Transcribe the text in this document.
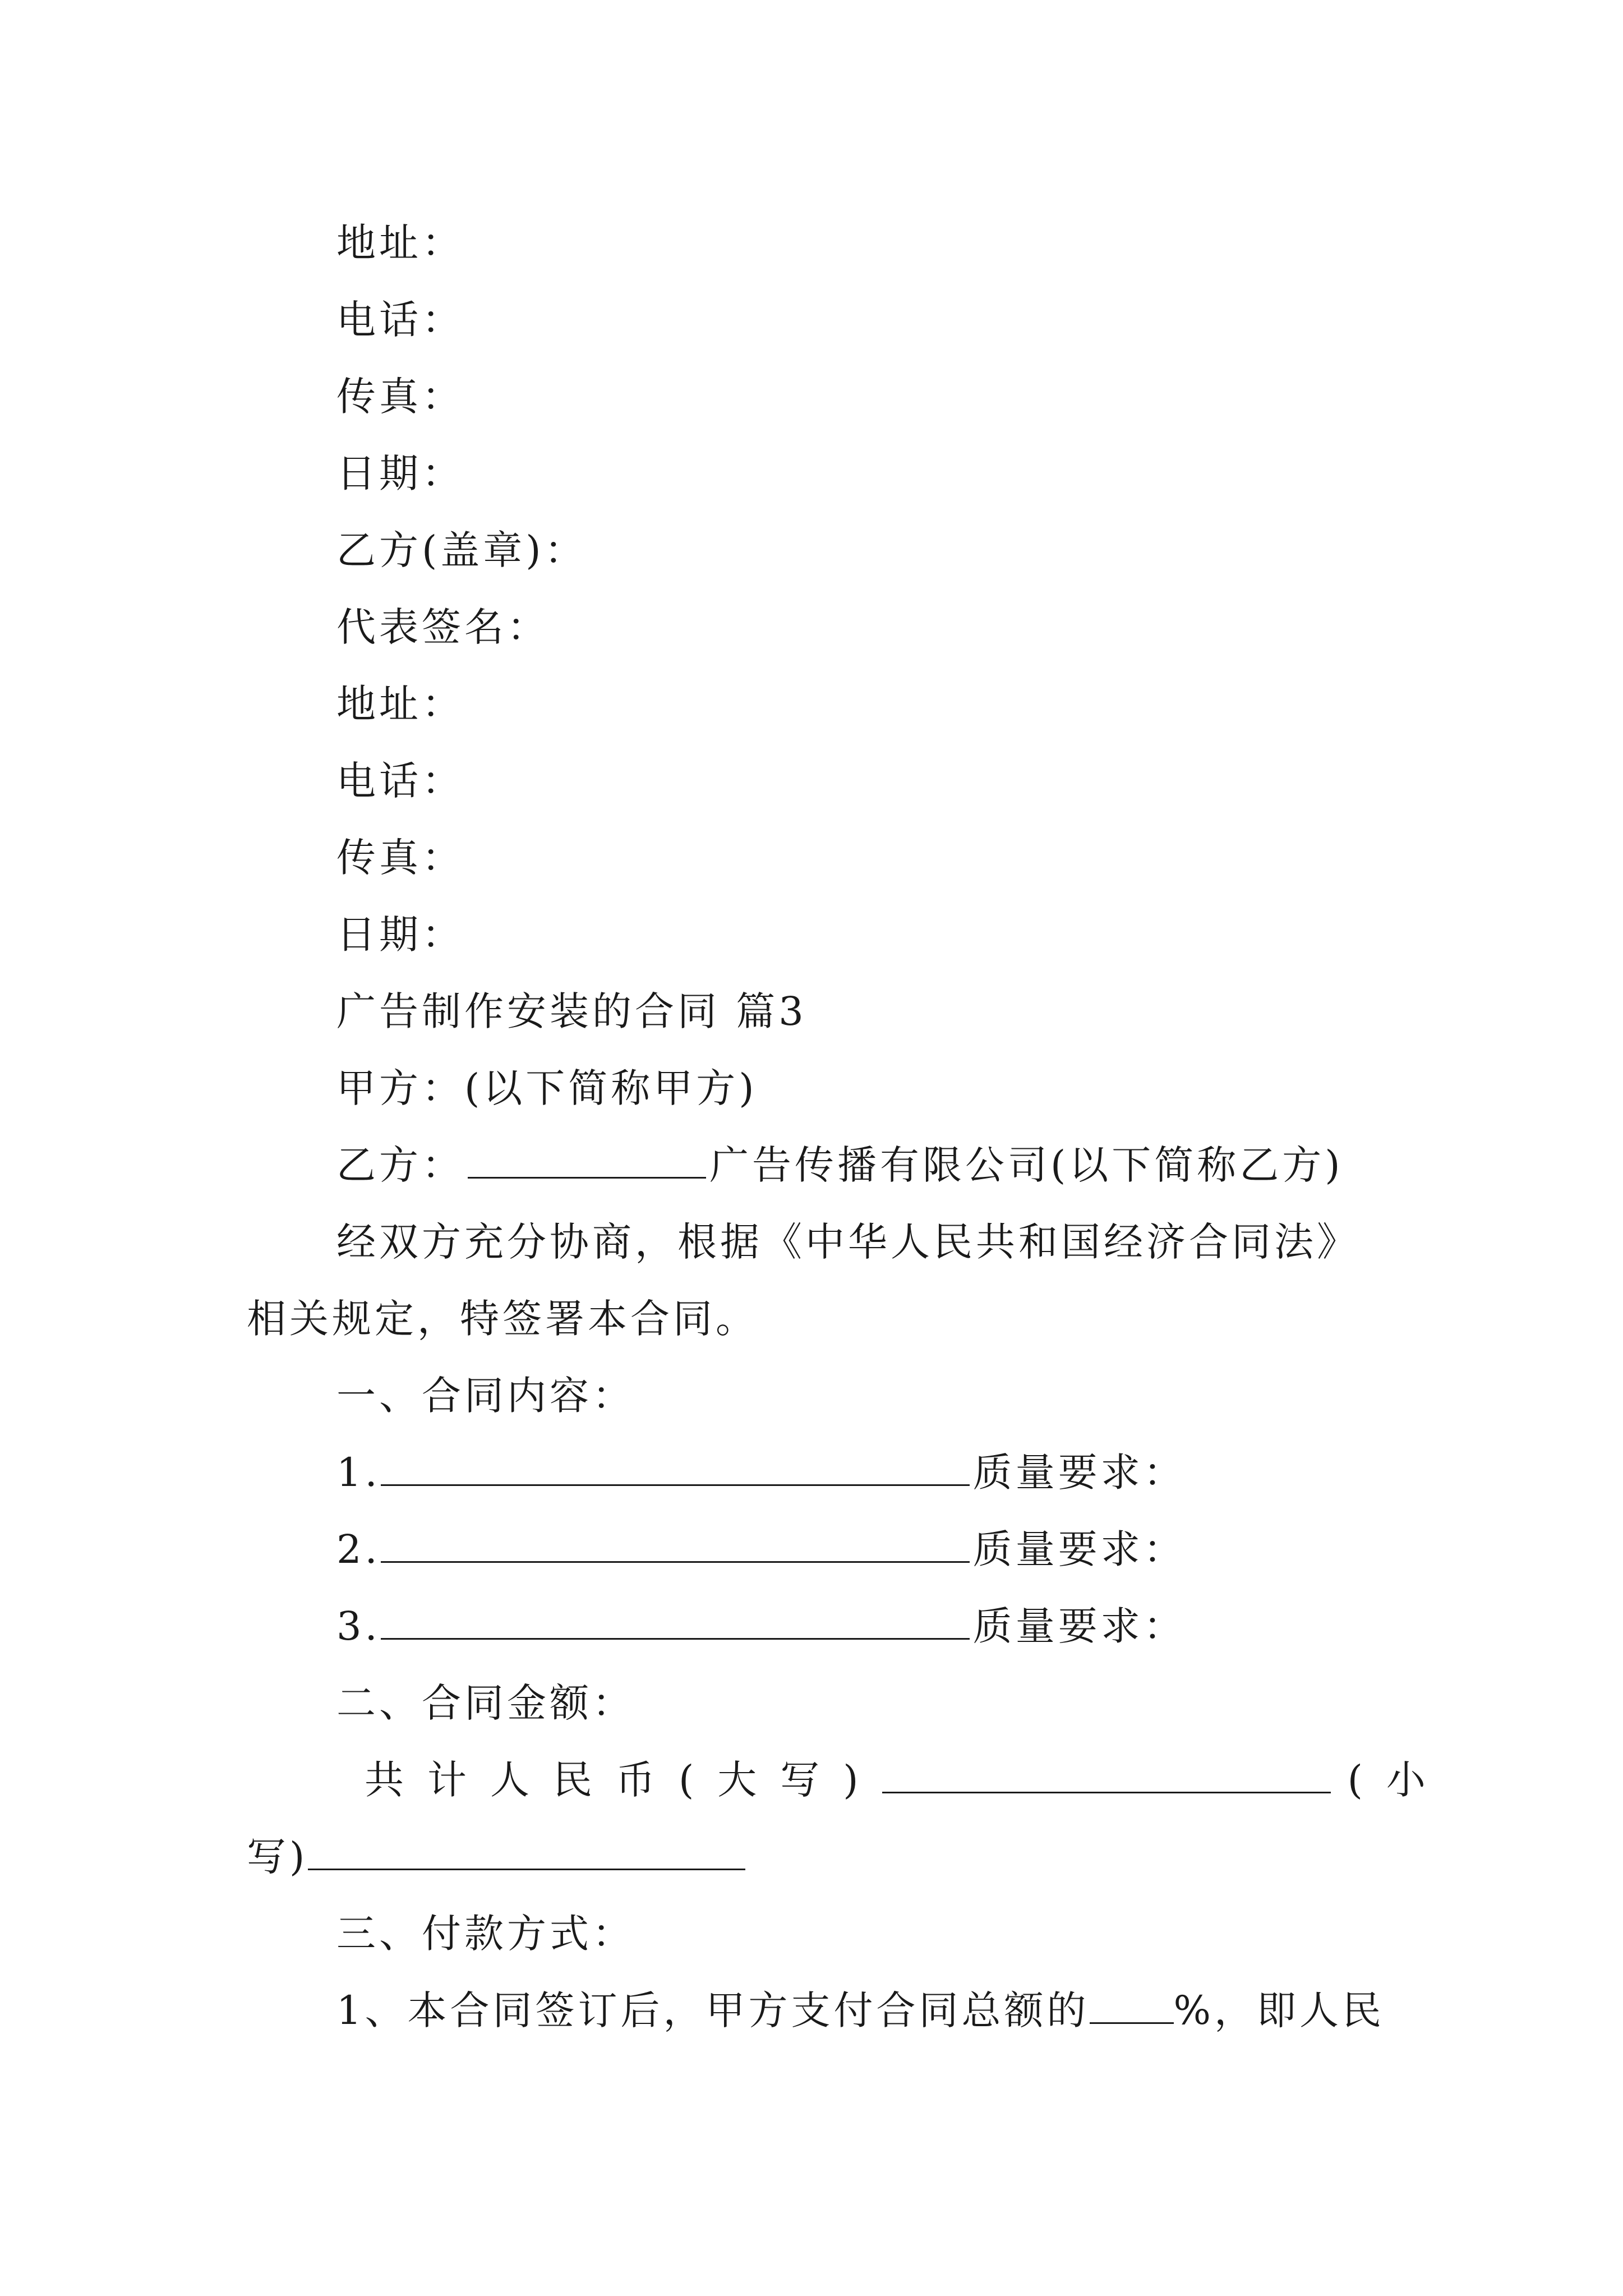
地址：
电话：
传真：
日期：
乙方(盖章)：
代表签名：
地址：
电话：
传真：
日期：
广告制作安装的合同 篇3
甲方：(以下简称甲方)
乙方：	广告传播有限公司(以下简称乙方)
经双方充分协商，根据《中华人民共和国经济合同法》
相关规定，特签署本合同。
一、合同内容：
1.	质量要求：
2.	质量要求：
3.	质量要求：
二、合同金额：
共计人民币(大写)	(小
写)
三、付款方式：
1、本合同签订后，甲方支付合同总额的 %，即人民
